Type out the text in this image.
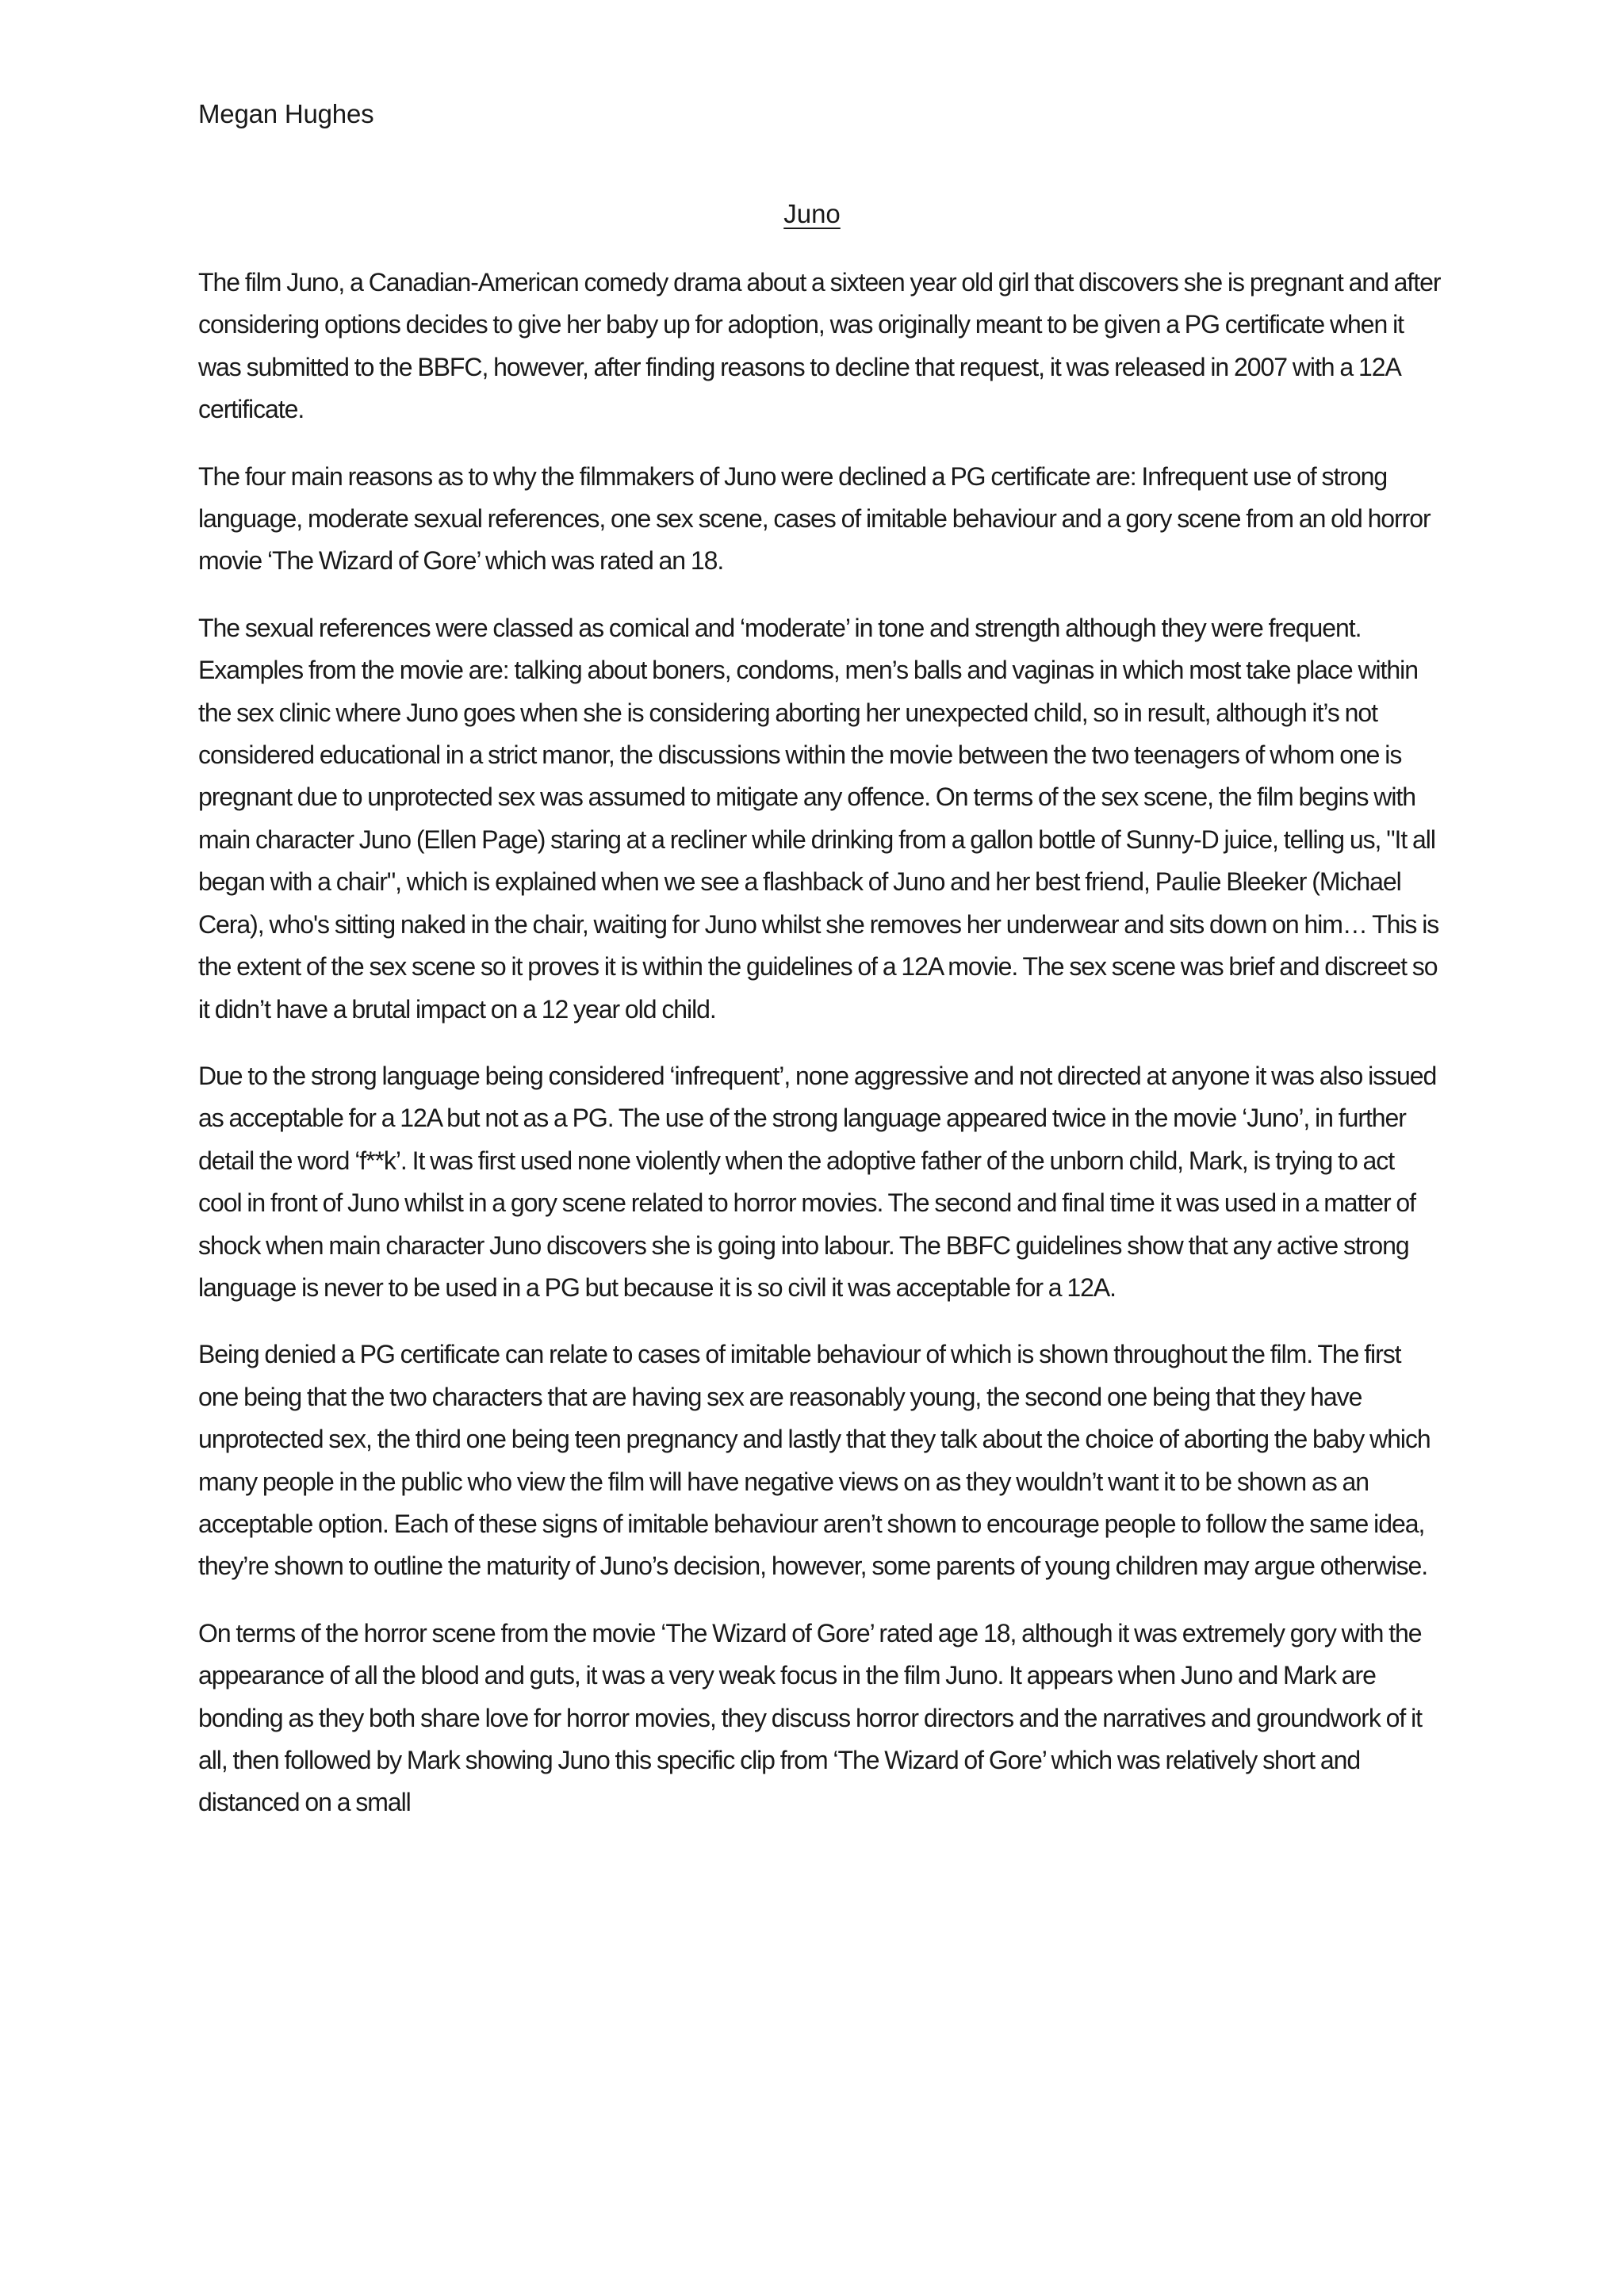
Megan Hughes
Juno

The film Juno, a Canadian-American comedy drama about a sixteen year old girl that discovers she is pregnant and after considering options decides to give her baby up for adoption, was originally meant to be given a PG certificate when it was submitted to the BBFC, however, after finding reasons to decline that request, it was released in 2007 with a 12A certificate.

The four main reasons as to why the filmmakers of Juno were declined a PG certificate are: Infrequent use of strong language, moderate sexual references, one sex scene, cases of imitable behaviour and a gory scene from an old horror movie ‘The Wizard of Gore’ which was rated an 18.

The sexual references were classed as comical and ‘moderate’ in tone and strength although they were frequent. Examples from the movie are: talking about boners, condoms, men’s balls and vaginas in which most take place within the sex clinic where Juno goes when she is considering aborting her unexpected child, so in result, although it’s not considered educational in a strict manor, the discussions within the movie between the two teenagers of whom one is pregnant due to unprotected sex was assumed to mitigate any offence. On terms of the sex scene, the film begins with main character Juno (Ellen Page) staring at a recliner while drinking from a gallon bottle of Sunny-D juice, telling us, "It all began with a chair", which is explained when we see a flashback of Juno and her best friend, Paulie Bleeker (Michael Cera), who's sitting naked in the chair, waiting for Juno whilst she removes her underwear and sits down on him… This is the extent of the sex scene so it proves it is within the guidelines of a 12A movie. The sex scene was brief and discreet so it didn’t have a brutal impact on a 12 year old child.

Due to the strong language being considered ‘infrequent’, none aggressive and not directed at anyone it was also issued as acceptable for a 12A but not as a PG. The use of the strong language appeared twice in the movie ‘Juno’, in further detail the word ‘f**k’. It was first used none violently when the adoptive father of the unborn child, Mark, is trying to act cool in front of Juno whilst in a gory scene related to horror movies. The second and final time it was used in a matter of shock when main character Juno discovers she is going into labour. The BBFC guidelines show that any active strong language is never to be used in a PG but because it is so civil it was acceptable for a 12A.

Being denied a PG certificate can relate to cases of imitable behaviour of which is shown throughout the film. The first one being that the two characters that are having sex are reasonably young, the second one being that they have unprotected sex, the third one being teen pregnancy and lastly that they talk about the choice of aborting the baby which many people in the public who view the film will have negative views on as they wouldn’t want it to be shown as an acceptable option. Each of these signs of imitable behaviour aren’t shown to encourage people to follow the same idea, they’re shown to outline the maturity of Juno’s decision, however, some parents of young children may argue otherwise.

On terms of the horror scene from the movie ‘The Wizard of Gore’ rated age 18, although it was extremely gory with the appearance of all the blood and guts, it was a very weak focus in the film Juno. It appears when Juno and Mark are bonding as they both share love for horror movies, they discuss horror directors and the narratives and groundwork of it all, then followed by Mark showing Juno this specific clip from ‘The Wizard of Gore’ which was relatively short and distanced on a small
